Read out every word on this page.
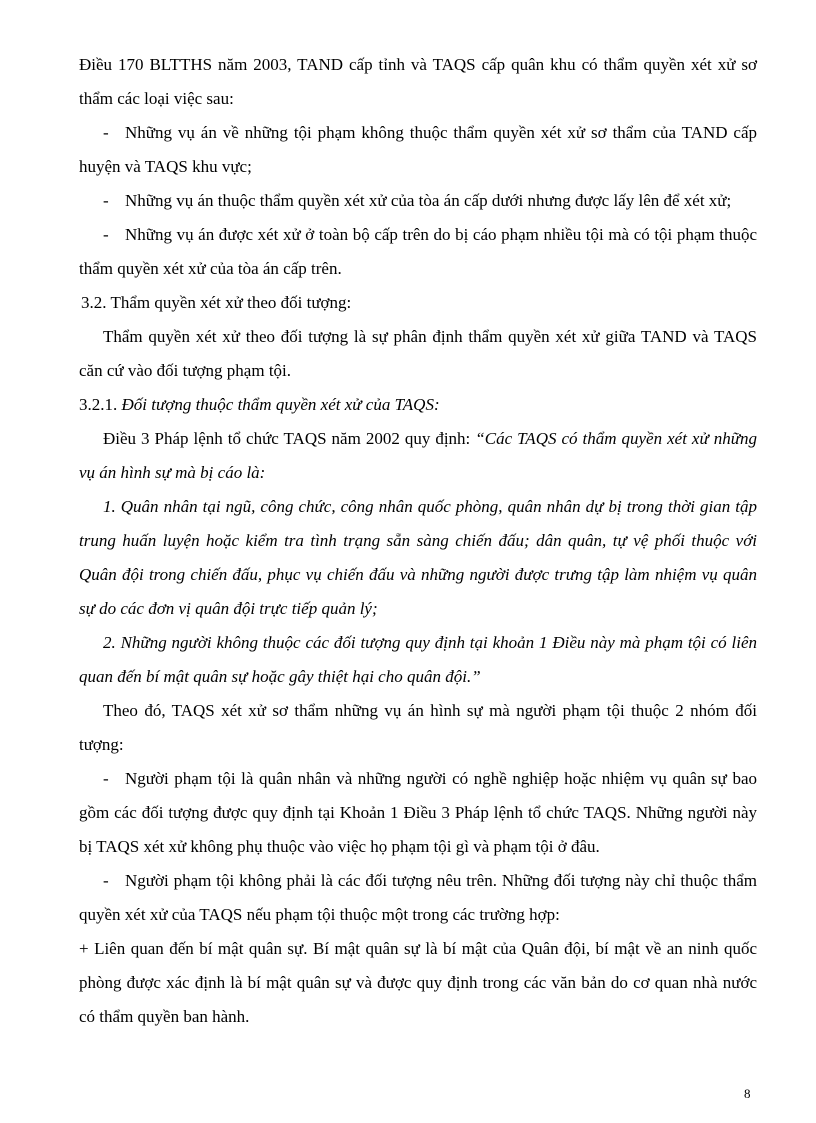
Điều 170 BLTTHS năm 2003, TAND cấp tỉnh và TAQS cấp quân khu có thẩm quyền xét xử sơ thẩm các loại việc sau:

- Những vụ án về những tội phạm không thuộc thẩm quyền xét xử sơ thẩm của TAND cấp huyện và TAQS khu vực;

- Những vụ án thuộc thẩm quyền xét xử của tòa án cấp dưới nhưng được lấy lên để xét xử;

- Những vụ án được xét xử ở toàn bộ cấp trên do bị cáo phạm nhiều tội mà có tội phạm thuộc thẩm quyền xét xử của tòa án cấp trên.

3.2. Thẩm quyền xét xử theo đối tượng:

Thẩm quyền xét xử theo đối tượng là sự phân định thẩm quyền xét xử giữa TAND và TAQS căn cứ vào đối tượng phạm tội.

3.2.1. Đối tượng thuộc thẩm quyền xét xử của TAQS:

Điều 3 Pháp lệnh tổ chức TAQS năm 2002 quy định: “Các TAQS có thẩm quyền xét xử những vụ án hình sự mà bị cáo là:

1. Quân nhân tại ngũ, công chức, công nhân quốc phòng, quân nhân dự bị trong thời gian tập trung huấn luyện hoặc kiểm tra tình trạng sẵn sàng chiến đấu; dân quân, tự vệ phối thuộc với Quân đội trong chiến đấu, phục vụ chiến đấu và những người được trưng tập làm nhiệm vụ quân sự do các đơn vị quân đội trực tiếp quản lý;

2. Những người không thuộc các đối tượng quy định tại khoản 1 Điều này mà phạm tội có liên quan đến bí mật quân sự hoặc gây thiệt hại cho quân đội.”

Theo đó, TAQS xét xử sơ thẩm những vụ án hình sự mà người phạm tội thuộc 2 nhóm đối tượng:

- Người phạm tội là quân nhân và những người có nghề nghiệp hoặc nhiệm vụ quân sự bao gồm các đối tượng được quy định tại Khoản 1 Điều 3 Pháp lệnh tổ chức TAQS. Những người này bị TAQS xét xử không phụ thuộc vào việc họ phạm tội gì và phạm tội ở đâu.

- Người phạm tội không phải là các đối tượng nêu trên. Những đối tượng này chỉ thuộc thẩm quyền xét xử của TAQS nếu phạm tội thuộc một trong các trường hợp:

+ Liên quan đến bí mật quân sự. Bí mật quân sự là bí mật của Quân đội, bí mật về an ninh quốc phòng được xác định là bí mật quân sự và được quy định trong các văn bản do cơ quan nhà nước có thẩm quyền ban hành.

8
